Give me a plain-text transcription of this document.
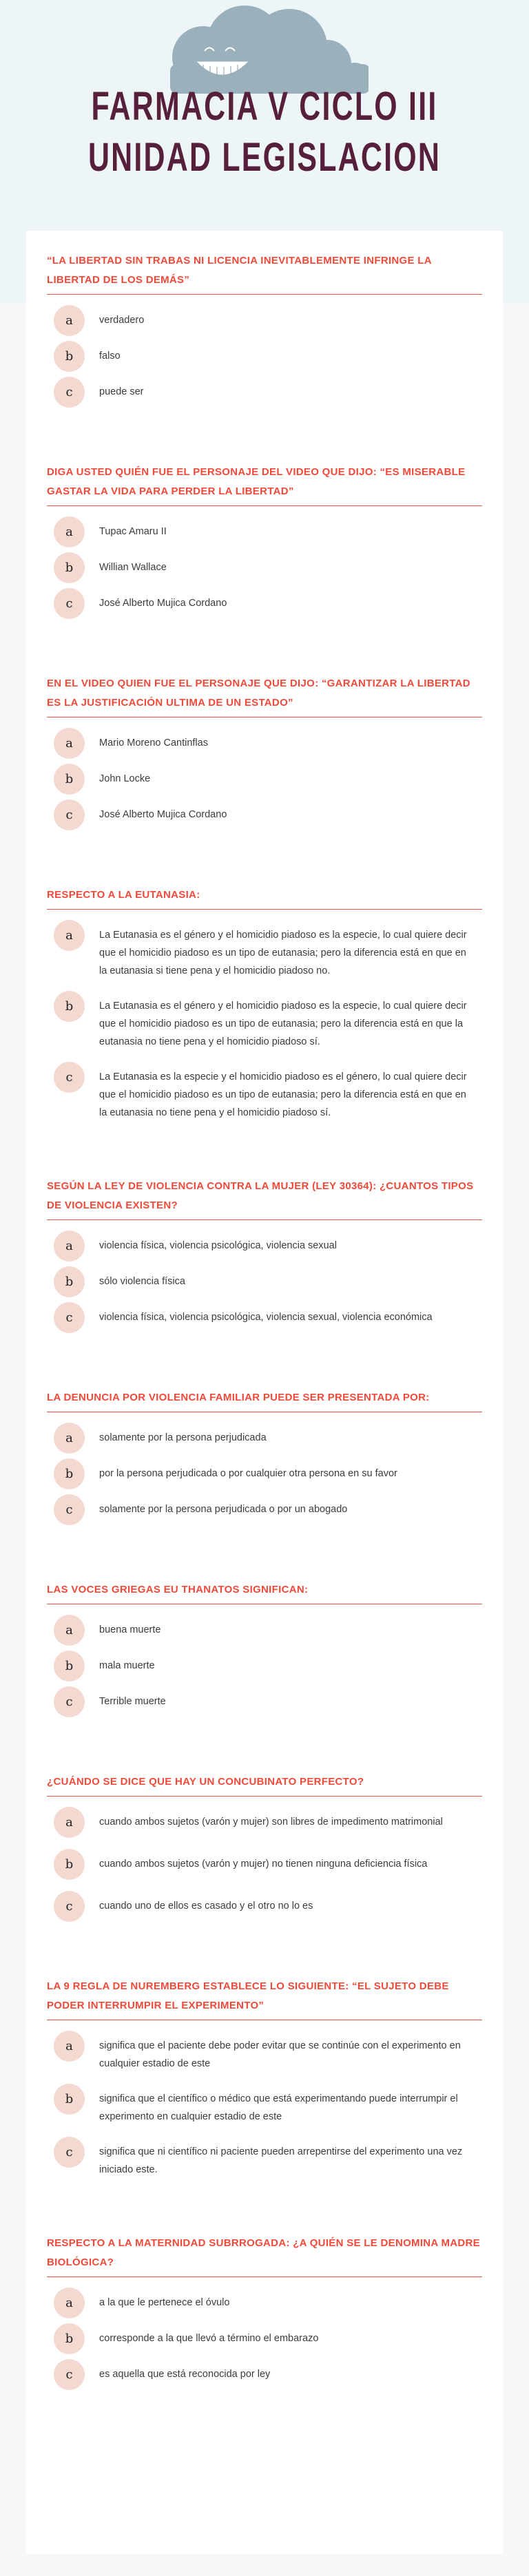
FARMACIA V CICLO III
UNIDAD LEGISLACION
“LA LIBERTAD SIN TRABAS NI LICENCIA INEVITABLEMENTE INFRINGE LA LIBERTAD DE LOS DEMÁS”
a	verdadero
b	falso
c	puede ser
DIGA USTED QUIÉN FUE EL PERSONAJE DEL VIDEO QUE DIJO: “ES MISERABLE GASTAR LA VIDA PARA PERDER LA LIBERTAD”
a	Tupac Amaru II
b	Willian Wallace
c	José Alberto Mujica Cordano
EN EL VIDEO QUIEN FUE EL PERSONAJE QUE DIJO: “GARANTIZAR LA LIBERTAD ES LA JUSTIFICACIÓN ULTIMA DE UN ESTADO”
a	Mario Moreno Cantinflas
b	John Locke
c	José Alberto Mujica Cordano
RESPECTO A LA EUTANASIA:
a	La Eutanasia es el género y el homicidio piadoso es la especie, lo cual quiere decir que el homicidio piadoso es un tipo de eutanasia; pero la diferencia está en que en la eutanasia si tiene pena y el homicidio piadoso no.
b	La Eutanasia es el género y el homicidio piadoso es la especie, lo cual quiere decir que el homicidio piadoso es un tipo de eutanasia; pero la diferencia está en que la eutanasia no tiene pena y el homicidio piadoso sí.
c	La Eutanasia es la especie y el homicidio piadoso es el género, lo cual quiere decir que el homicidio piadoso es un tipo de eutanasia; pero la diferencia está en que en la eutanasia no tiene pena y el homicidio piadoso sí.
SEGÚN LA LEY DE VIOLENCIA CONTRA LA MUJER (LEY 30364): ¿CUANTOS TIPOS DE VIOLENCIA EXISTEN?
a	violencia física, violencia psicológica, violencia sexual
b	sólo violencia física
c	violencia física, violencia psicológica, violencia sexual, violencia económica
LA DENUNCIA POR VIOLENCIA FAMILIAR PUEDE SER PRESENTADA POR:
a	solamente por la persona perjudicada
b	por la persona perjudicada o por cualquier otra persona en su favor
c	solamente por la persona perjudicada o por un abogado
LAS VOCES GRIEGAS EU THANATOS SIGNIFICAN:
a	buena muerte
b	mala muerte
c	Terrible muerte
¿CUÁNDO SE DICE QUE HAY UN CONCUBINATO PERFECTO?
a	cuando ambos sujetos (varón y mujer) son libres de impedimento matrimonial
b	cuando ambos sujetos (varón y mujer) no tienen ninguna deficiencia física
c	cuando uno de ellos es casado y el otro no lo es
LA 9 REGLA DE NUREMBERG ESTABLECE LO SIGUIENTE: “EL SUJETO DEBE PODER INTERRUMPIR EL EXPERIMENTO”
a	significa que el paciente debe poder evitar que se continúe con el experimento en cualquier estadio de este
b	significa que el científico o médico que está experimentando puede interrumpir el experimento en cualquier estadio de este
c	significa que ni científico ni paciente pueden arrepentirse del experimento una vez iniciado este.
RESPECTO A LA MATERNIDAD SUBRROGADA: ¿A QUIÉN SE LE DENOMINA MADRE BIOLÓGICA?
a	a la que le pertenece el óvulo
b	corresponde a la que llevó a término el embarazo
c	es aquella que está reconocida por ley
